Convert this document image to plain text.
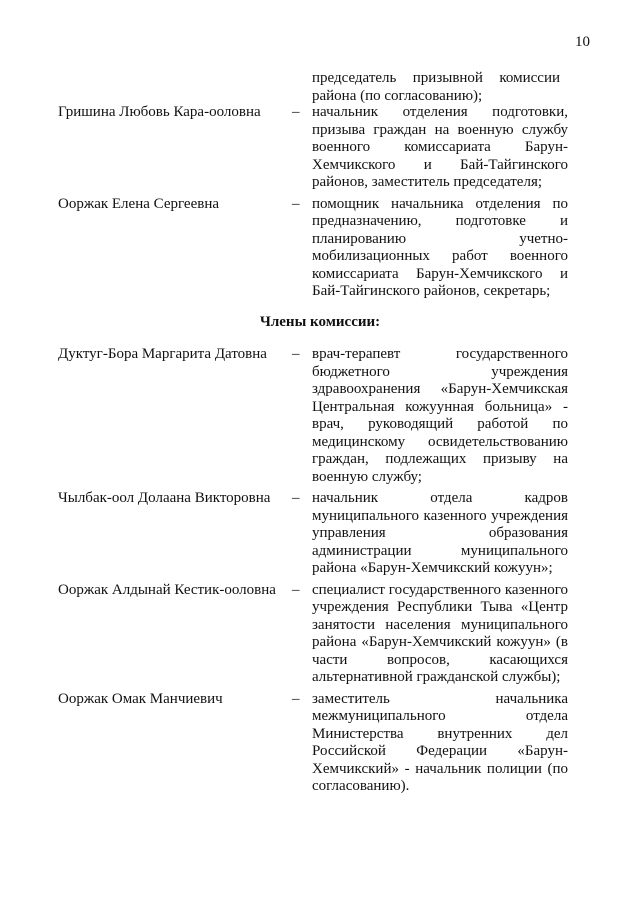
10
председатель призывной комиссии района (по согласованию);
Гришина Любовь Кара-ооловна – начальник отделения подготовки, призыва граждан на военную службу военного комиссариата Барун-Хемчикского и Бай-Тайгинского районов, заместитель председателя;
Ооржак Елена Сергеевна	– помощник начальника отделения по предназначению, подготовке и планированию учетно-мобилизационных работ военного комиссариата Барун-Хемчикского и Бай-Тайгинского районов, секретарь;
Члены комиссии:
Дуктуг-Бора Маргарита Датовна – врач-терапевт государственного бюджетного учреждения здравоохранения «Барун-Хемчикская Центральная кожуунная больница» - врач, руководящий работой по медицинскому освидетельствованию граждан, подлежащих призыву на военную службу;
Чылбак-оол Долаана Викторовна – начальник отдела кадров муниципального казенного учреждения управления образования администрации муниципального района «Барун-Хемчикский кожуун»;
Ооржак Алдынай Кестик-ооловна – специалист государственного казенного учреждения Республики Тыва «Центр занятости населения муниципального района «Барун-Хемчикский кожуун» (в части вопросов, касающихся альтернативной гражданской службы);
Ооржак Омак Манчиевич	– заместитель начальника межмуниципального отдела Министерства внутренних дел Российской Федерации «Барун-Хемчикский» - начальник полиции (по согласованию).
